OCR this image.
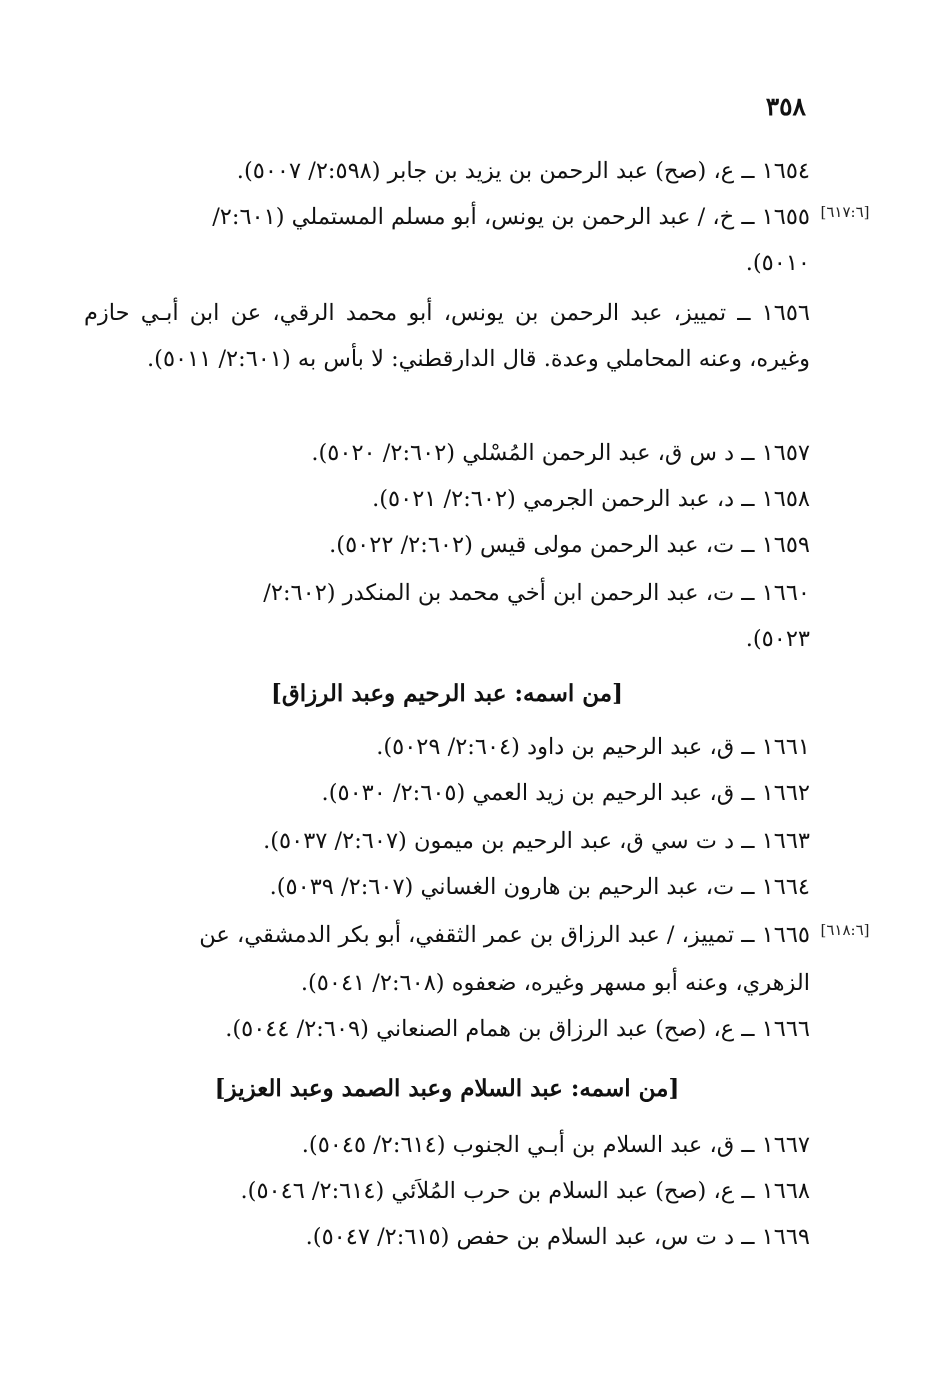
٣٥٨
١٦٥٤ ــ ع، (صح) عبد الرحمن بن يزيد بن جابر (٢:٥٩٨/ ٥٠٠٧).
[٦١٧:٦]
١٦٥٥ ــ خ، / عبد الرحمن بن يونس، أبو مسلم المستملي (٢:٦٠١/
٥٠١٠).
١٦٥٦ ــ تمييز، عبد الرحمن بن يونس، أبو محمد الرقي، عن ابن أبـي حازم وغيره، وعنه المحاملي وعدة. قال الدارقطني: لا بأس به (٢:٦٠١/ ٥٠١١).
١٦٥٧ ــ د س ق، عبد الرحمن المُسْلي (٢:٦٠٢/ ٥٠٢٠).
١٦٥٨ ــ د، عبد الرحمن الجرمي (٢:٦٠٢/ ٥٠٢١).
١٦٥٩ ــ ت، عبد الرحمن مولى قيس (٢:٦٠٢/ ٥٠٢٢).
١٦٦٠ ــ ت، عبد الرحمن ابن أخي محمد بن المنكدر (٢:٦٠٢/
٥٠٢٣).
[من اسمه: عبد الرحيم وعبد الرزاق]
١٦٦١ ــ ق، عبد الرحيم بن داود (٢:٦٠٤/ ٥٠٢٩).
١٦٦٢ ــ ق، عبد الرحيم بن زيد العمي (٢:٦٠٥/ ٥٠٣٠).
١٦٦٣ ــ د ت سي ق، عبد الرحيم بن ميمون (٢:٦٠٧/ ٥٠٣٧).
١٦٦٤ ــ ت، عبد الرحيم بن هارون الغساني (٢:٦٠٧/ ٥٠٣٩).
[٦١٨:٦]
١٦٦٥ ــ تمييز، / عبد الرزاق بن عمر الثقفي، أبو بكر الدمشقي، عن
الزهري، وعنه أبو مسهر وغيره، ضعفوه (٢:٦٠٨/ ٥٠٤١).
١٦٦٦ ــ ع، (صح) عبد الرزاق بن همام الصنعاني (٢:٦٠٩/ ٥٠٤٤).
[من اسمه: عبد السلام وعبد الصمد وعبد العزيز]
١٦٦٧ ــ ق، عبد السلام بن أبـي الجنوب (٢:٦١٤/ ٥٠٤٥).
١٦٦٨ ــ ع، (صح) عبد السلام بن حرب المُلاَئي (٢:٦١٤/ ٥٠٤٦).
١٦٦٩ ــ د ت س، عبد السلام بن حفص (٢:٦١٥/ ٥٠٤٧).
